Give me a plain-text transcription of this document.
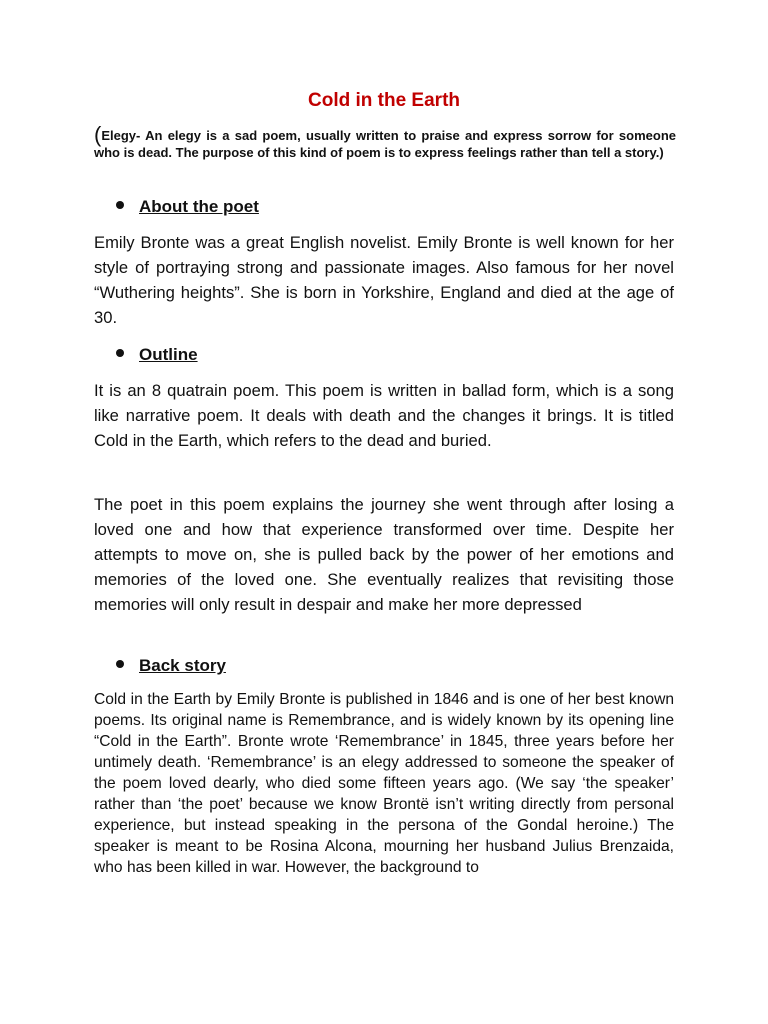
Cold in the Earth

(Elegy- An elegy is a sad poem, usually written to praise and express sorrow for someone who is dead. The purpose of this kind of poem is to express feelings rather than tell a story.)

About the poet

Emily Bronte was a great English novelist. Emily Bronte is well known for her style of portraying strong and passionate images. Also famous for her novel “Wuthering heights”. She is born in Yorkshire, England and died at the age of 30.

Outline

It is an 8 quatrain poem. This poem is written in ballad form, which is a song like narrative poem. It deals with death and the changes it brings. It is titled Cold in the Earth, which refers to the dead and buried.

The poet in this poem explains the journey she went through after losing a loved one and how that experience transformed over time. Despite her attempts to move on, she is pulled back by the power of her emotions and memories of the loved one. She eventually realizes that revisiting those memories will only result in despair and make her more depressed

Back story

Cold in the Earth by Emily Bronte is published in 1846 and is one of her best known poems. Its original name is Remembrance, and is widely known by its opening line “Cold in the Earth”. Bronte wrote ‘Remembrance’ in 1845, three years before her untimely death. ‘Remembrance’ is an elegy addressed to someone the speaker of the poem loved dearly, who died some fifteen years ago. (We say ‘the speaker’ rather than ‘the poet’ because we know Brontë isn’t writing directly from personal experience, but instead speaking in the persona of the Gondal heroine.) The speaker is meant to be Rosina Alcona, mourning her husband Julius Brenzaida, who has been killed in war. However, the background to
